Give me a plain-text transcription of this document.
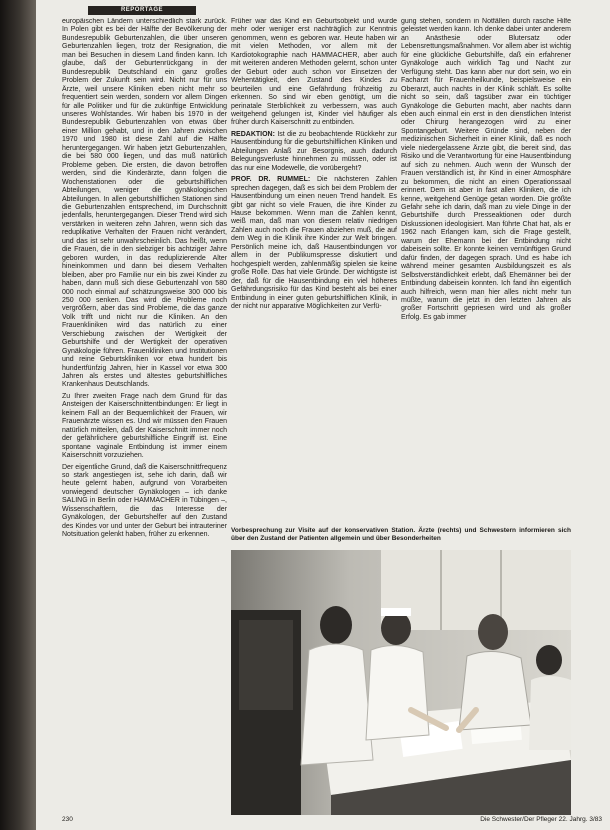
REPORTAGE

europäischen Ländern unterschiedlich stark zurück. In Polen gibt es bei der Hälfte der Bevölkerung der Bundesrepublik Geburtenzahlen, die über unseren Geburtenzahlen liegen, trotz der Resignation, die man bei Besuchen in diesem Land finden kann. Ich glaube, daß der Geburtenrückgang in der Bundesrepublik Deutschland ein ganz großes Problem der Zukunft sein wird. Nicht nur für uns Ärzte, weil unsere Kliniken eben nicht mehr so frequentiert sein werden, sondern vor allem Dingen für alle Politiker und für die zukünftige Entwicklung unseres Wohlstandes. Wir haben bis 1970 in der Bundesrepublik Geburtenzahlen von etwas über einer Million gehabt, und in den Jahren zwischen 1970 und 1980 ist diese Zahl auf die Hälfte heruntergegangen. Wir haben jetzt Geburtenzahlen, die bei 580 000 liegen, und das muß natürlich Probleme geben. Die ersten, die davon betroffen werden, sind die Kinderärzte, dann folgen die Wochenstationen oder die geburtshilflichen Abteilungen, weniger die gynäkologischen Abteilungen. In allen geburtshilflichen Stationen sind die Geburtenzahlen entsprechend, im Durchschnitt jedenfalls, heruntergegangen. Dieser Trend wird sich verstärken in weiteren zehn Jahren, wenn sich das reduplikative Verhalten der Frauen nicht verändert, und das ist sehr unwahrscheinlich. Das heißt, wenn die Frauen, die in den siebziger bis achtziger Jahre geboren wurden, in das reduplizierende Alter hineinkommen und dann bei diesem Verhalten bleiben, aber pro Familie nur ein bis zwei Kinder zu haben, dann muß sich diese Geburtenzahl von 580 000 noch einmal auf schätzungsweise 300 000 bis 250 000 senken. Das wird die Probleme noch vergrößern, aber das sind Probleme, die das ganze Volk trifft und nicht nur die Kliniken. An den Frauenkliniken wird das natürlich zu einer Verschiebung zwischen der Wertigkeit der Geburtshilfe und der Wertigkeit der operativen Gynäkologie führen. Frauenkliniken und Institutionen und reine Geburtskliniken vor etwa hundert bis hundertfünfzig Jahren, hier in Kassel vor etwa 300 Jahren als erstes und ältestes geburtshilfliches Krankenhaus Deutschlands.

Zu Ihrer zweiten Frage nach dem Grund für das Ansteigen der Kaiserschnittentbindungen: Er liegt in keinem Fall an der Bequemlichkeit der Frauen, wir Frauenärzte wissen es. Und wir müssen den Frauen natürlich mitteilen, daß der Kaiserschnitt immer noch der gefährlichere geburtshilfliche Eingriff ist. Eine spontane vaginale Entbindung ist immer einem Kaiserschnitt vorzuziehen.

Der eigentliche Grund, daß die Kaiserschnittfrequenz so stark angestiegen ist, sehe ich darin, daß wir heute gelernt haben, aufgrund von Vorarbeiten vorwiegend deutscher Gynäkologen – ich danke SALING in Berlin oder HAMMACHER in Tübingen –, Wissenschaftlern, die das Interesse der Gynäkologen, der Geburtshelfer auf den Zustand des Kindes vor und unter der Geburt bei intrauteriner Notsituation gelenkt haben, früher zu erkennen.

Früher war das Kind ein Geburtsobjekt und wurde mehr oder weniger erst nachträglich zur Kenntnis genommen, wenn es geboren war. Heute haben wir mit vielen Methoden, vor allem mit der Kardiotokographie nach HAMMACHER, aber auch mit weiteren anderen Methoden gelernt, schon unter der Geburt oder auch schon vor Einsetzen der Wehentätigkeit, den Zustand des Kindes zu beurteilen und eine Gefährdung frühzeitig zu erkennen. So sind wir eben genötigt, um die perinatale Sterblichkeit zu verbessern, was auch weitgehend gelungen ist, Kinder viel häufiger als früher durch Kaiserschnitt zu entbinden.

REDAKTION: Ist die zu beobachtende Rückkehr zur Hausentbindung für die geburtshilflichen Kliniken und Abteilungen Anlaß zur Besorgnis, auch dadurch Belegungsverluste hinnehmen zu müssen, oder ist das nur eine Modewelle, die vorübergeht?

PROF. DR. RUMMEL: Die nächsteren Zahlen sprechen dagegen, daß es sich bei dem Problem der Hausentbindung um einen neuen Trend handelt. Es gibt gar nicht so viele Frauen, die ihre Kinder zu Hause bekommen. Wenn man die Zahlen kennt, weiß man, daß man von diesem relativ niedrigen Zahlen auch noch die Frauen abziehen muß, die auf dem Weg in die Klinik ihre Kinder zur Welt bringen. Persönlich meine ich, daß Hausentbindungen vor allem in der Publikumspresse diskutiert und hochgespielt werden, zahlenmäßig spielen sie keine große Rolle. Das hat viele Gründe. Der wichtigste ist der, daß für die Hausentbindung ein viel höheres Gefährdungsrisiko für das Kind besteht als bei einer Entbindung in einer guten geburtshilflichen Klinik, in der nicht nur apparative Möglichkeiten zur Verfü-

gung stehen, sondern in Notfällen durch rasche Hilfe geleistet werden kann. Ich denke dabei unter anderem an Anästhesie oder Blutersatz oder Lebensrettungsmaßnahmen. Vor allem aber ist wichtig für eine glückliche Geburtshilfe, daß ein erfahrener Gynäkologe auch wirklich Tag und Nacht zur Verfügung steht. Das kann aber nur dort sein, wo ein Facharzt für Frauenheilkunde, beispielsweise ein Oberarzt, auch nachts in der Klinik schläft. Es sollte nicht so sein, daß tagsüber zwar ein tüchtiger Gynäkologe die Geburten macht, aber nachts dann eben auch einmal ein erst in den dienstlichen Interist oder Chirurg herangezogen wird zu einer Spontangeburt. Weitere Gründe sind, neben der medizinischen Sicherheit in einer Klinik, daß es noch viele niedergelassene Ärzte gibt, die bereit sind, das Risiko und die Verantwortung für eine Hausentbindung auf sich zu nehmen. Auch wenn der Wunsch der Frauen verständlich ist, ihr Kind in einer Atmosphäre zu bekommen, die nicht an einen Operationssaal erinnert. Dem ist aber in fast allen Kliniken, die ich kenne, weitgehend Genüge getan worden. Die größte Gefahr sehe ich darin, daß man zu viele Dinge in der Geburtshilfe durch Presseaktionen oder durch Diskussionen ideologisiert. Man führte Chat hat, als er 1962 nach Erlangen kam, sich die Frage gestellt, warum der Ehemann bei der Entbindung nicht dabeisein sollte. Er konnte keinen vernünftigen Grund dafür finden, der dagegen sprach. Und es habe ich während meiner gesamten Ausbildungszeit es als Selbstverständlichkeit erlebt, daß Ehemänner bei der Entbindung dabeisein konnten. Ich fand ihn eigentlich auch hilfreich, wenn man hier alles nicht mehr tun müßte, warum die jetzt in den letzten Jahren als großer Fortschritt gepriesen wird und als großer Erfolg. Es gab immer

Vorbesprechung zur Visite auf der konservativen Station. Ärzte (rechts) und Schwestern informieren sich über den Zustand der Patienten allgemein und über Besonderheiten
230	Die Schwester/Der Pfleger 22. Jahrg. 3/83
